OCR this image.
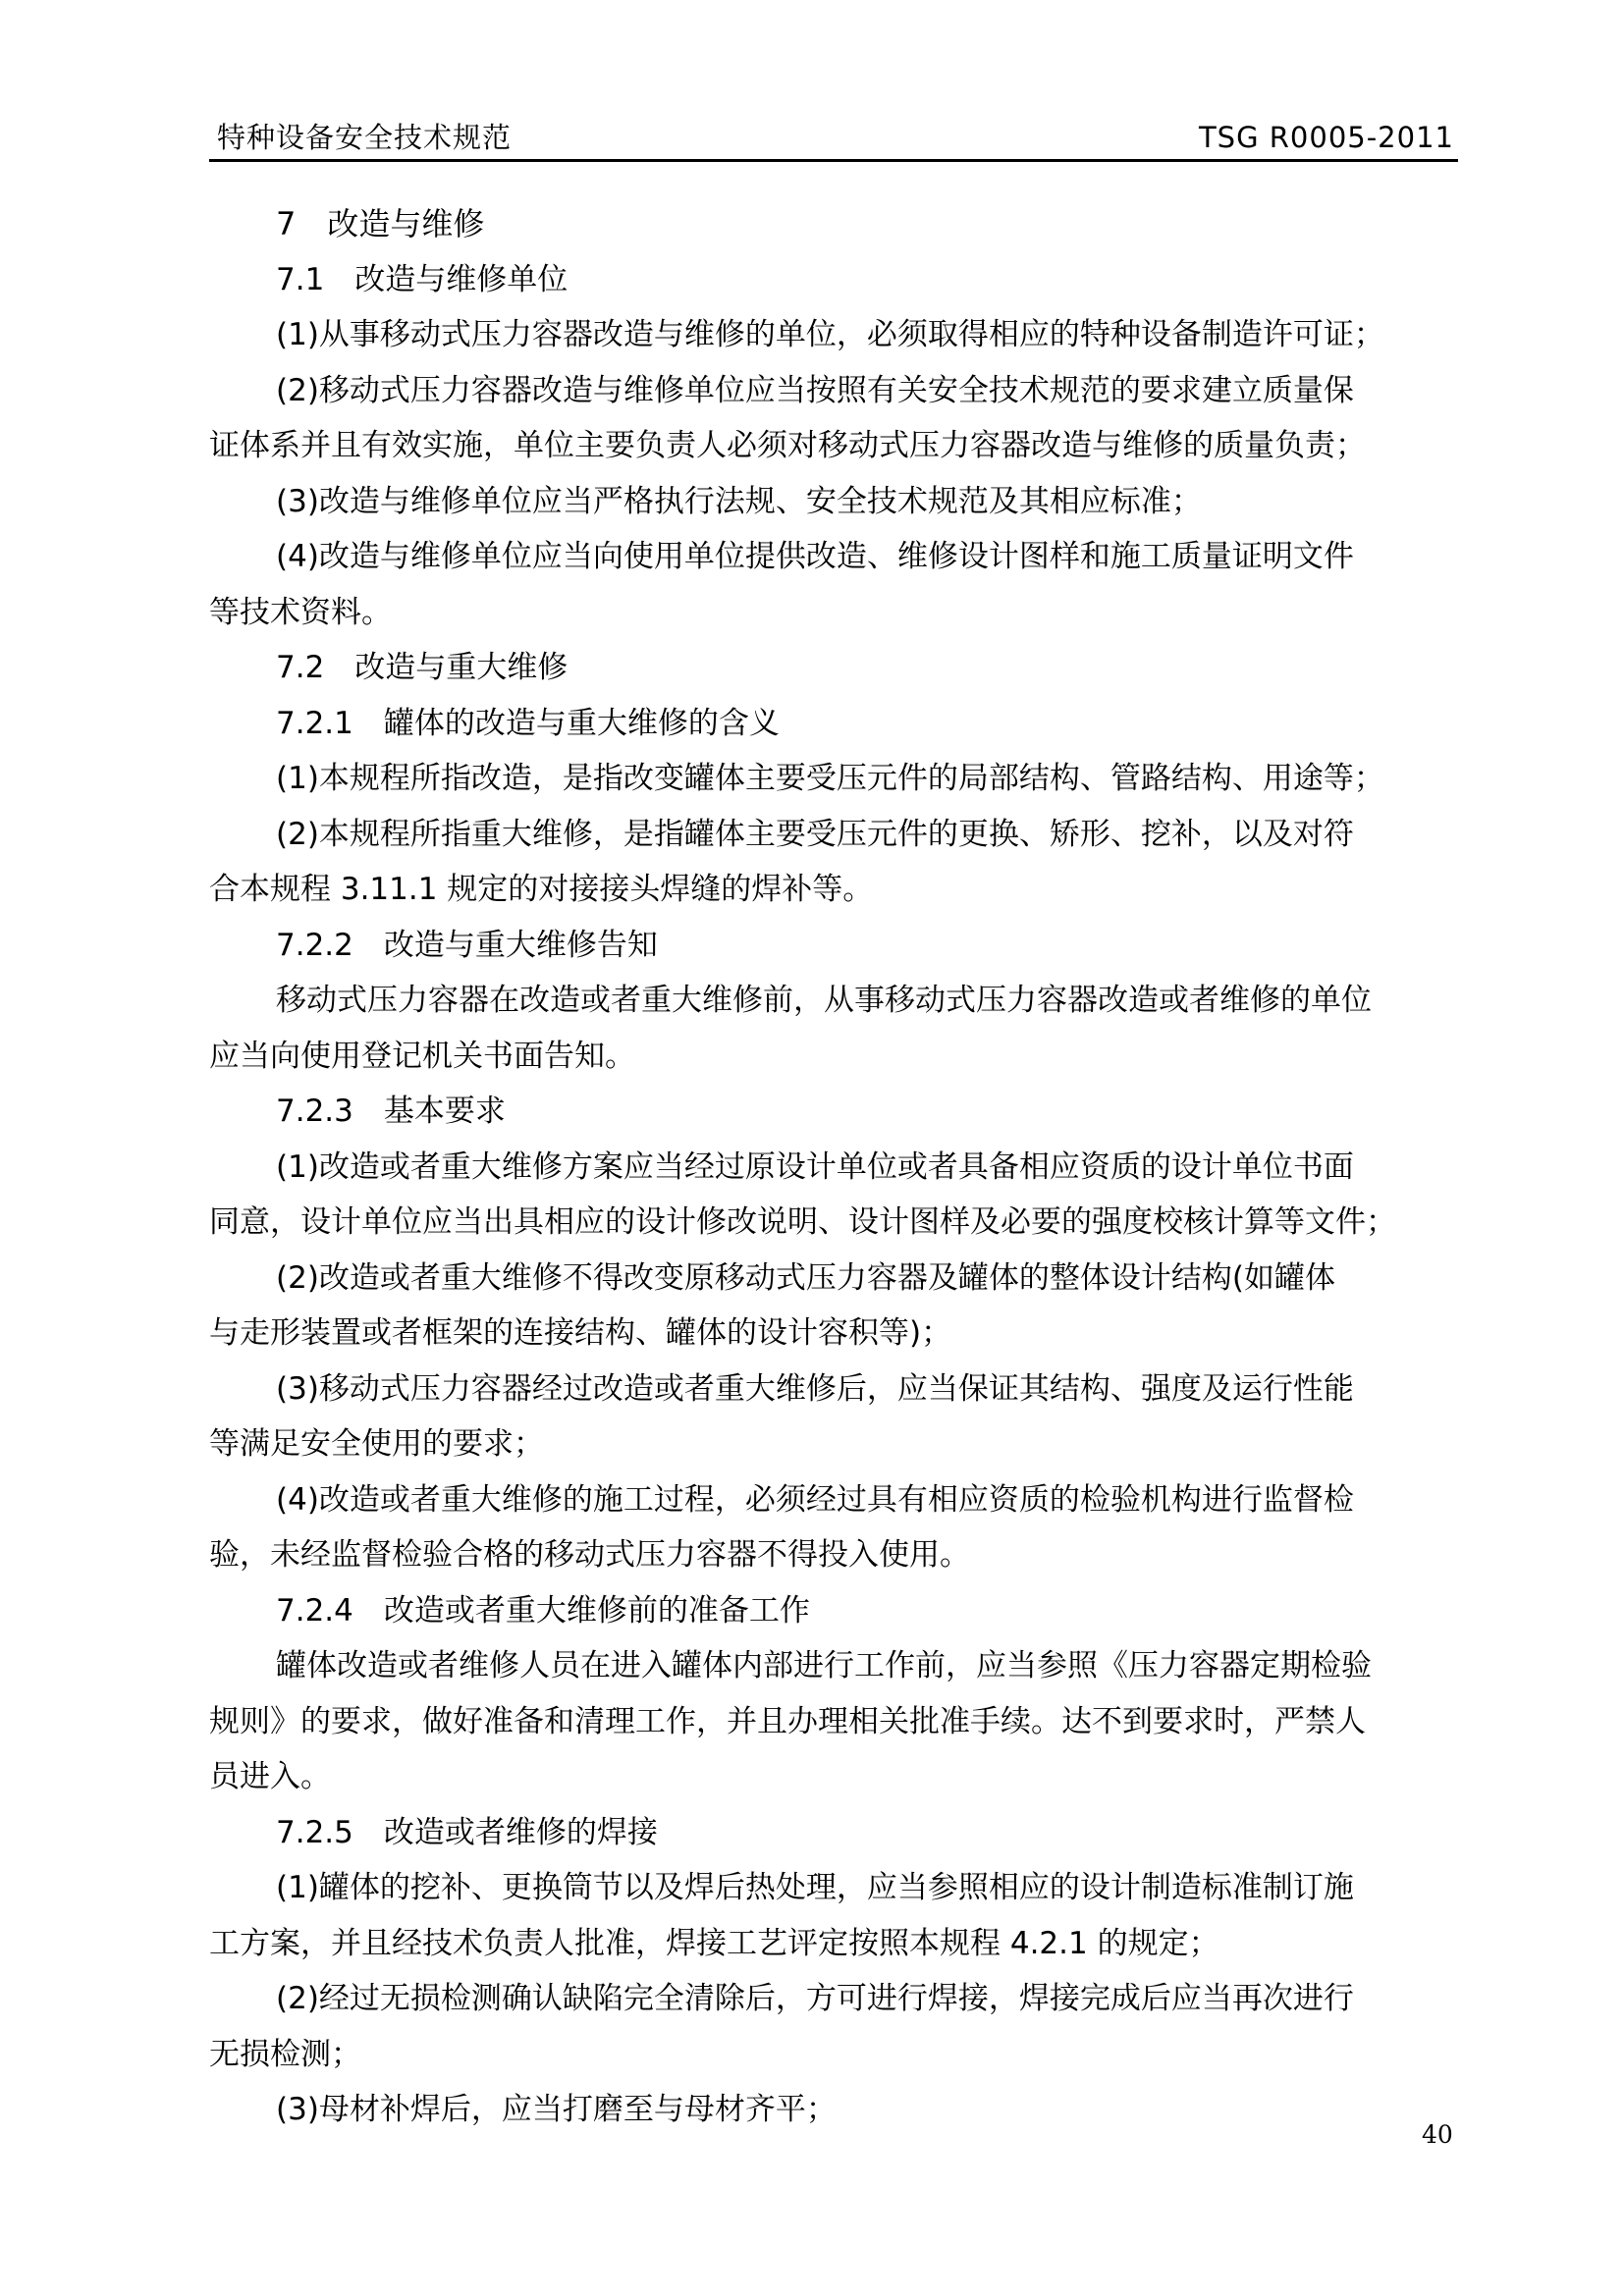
特种设备安全技术规范	TSG R0005-2011

7　改造与维修

7.1　改造与维修单位

(1)从事移动式压力容器改造与维修的单位，必须取得相应的特种设备制造许可证；

(2)移动式压力容器改造与维修单位应当按照有关安全技术规范的要求建立质量保

证体系并且有效实施，单位主要负责人必须对移动式压力容器改造与维修的质量负责；

(3)改造与维修单位应当严格执行法规、安全技术规范及其相应标准；

(4)改造与维修单位应当向使用单位提供改造、维修设计图样和施工质量证明文件

等技术资料。

7.2　改造与重大维修

7.2.1　罐体的改造与重大维修的含义

(1)本规程所指改造，是指改变罐体主要受压元件的局部结构、管路结构、用途等；

(2)本规程所指重大维修，是指罐体主要受压元件的更换、矫形、挖补，以及对符

合本规程 3.11.1 规定的对接接头焊缝的焊补等。

7.2.2　改造与重大维修告知

移动式压力容器在改造或者重大维修前，从事移动式压力容器改造或者维修的单位

应当向使用登记机关书面告知。

7.2.3　基本要求

(1)改造或者重大维修方案应当经过原设计单位或者具备相应资质的设计单位书面

同意，设计单位应当出具相应的设计修改说明、设计图样及必要的强度校核计算等文件；

(2)改造或者重大维修不得改变原移动式压力容器及罐体的整体设计结构(如罐体

与走形装置或者框架的连接结构、罐体的设计容积等)；

(3)移动式压力容器经过改造或者重大维修后，应当保证其结构、强度及运行性能

等满足安全使用的要求；

(4)改造或者重大维修的施工过程，必须经过具有相应资质的检验机构进行监督检

验，未经监督检验合格的移动式压力容器不得投入使用。

7.2.4　改造或者重大维修前的准备工作

罐体改造或者维修人员在进入罐体内部进行工作前，应当参照《压力容器定期检验

规则》的要求，做好准备和清理工作，并且办理相关批准手续。达不到要求时，严禁人

员进入。

7.2.5　改造或者维修的焊接

(1)罐体的挖补、更换筒节以及焊后热处理，应当参照相应的设计制造标准制订施

工方案，并且经技术负责人批准，焊接工艺评定按照本规程 4.2.1 的规定；

(2)经过无损检测确认缺陷完全清除后，方可进行焊接，焊接完成后应当再次进行

无损检测；

(3)母材补焊后，应当打磨至与母材齐平；

40
